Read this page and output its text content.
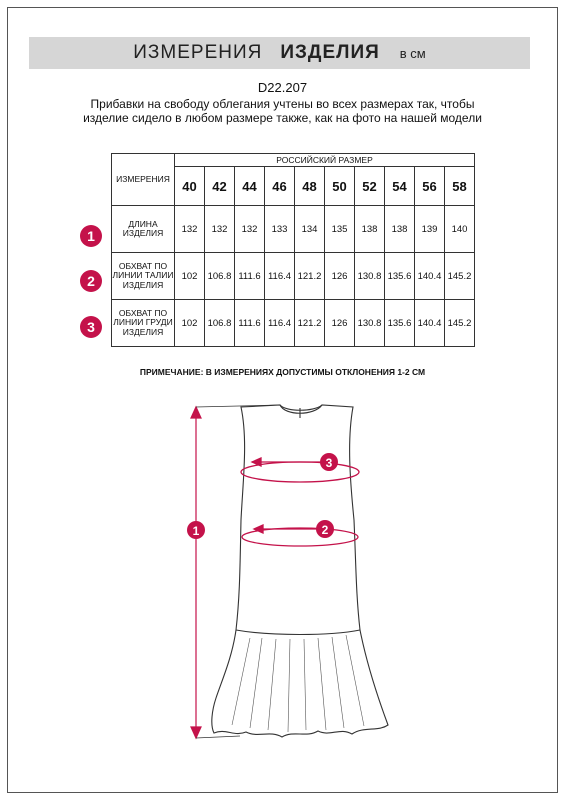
ИЗМЕРЕНИЯ ИЗДЕЛИЯ в см
D22.207
Прибавки на свободу облегания учтены во всех размерах так, чтобы изделие сидело в любом размере также, как на фото на нашей модели
ИЗМЕРЕНИЯ	РОССИЙСКИЙ РАЗМЕР									
	40	42	44	46	48	50	52	54	56	58
ДЛИНА ИЗДЕЛИЯ	132	132	132	133	134	135	138	138	139	140
ОБХВАТ ПО ЛИНИИ ТАЛИИ ИЗДЕЛИЯ	102	106.8	111.6	116.4	121.2	126	130.8	135.6	140.4	145.2
ОБХВАТ ПО ЛИНИИ ГРУДИ ИЗДЕЛИЯ	102	106.8	111.6	116.4	121.2	126	130.8	135.6	140.4	145.2
1
2
3
ПРИМЕЧАНИЕ: В ИЗМЕРЕНИЯХ ДОПУСТИМЫ ОТКЛОНЕНИЯ 1-2 СМ
1	2
3
